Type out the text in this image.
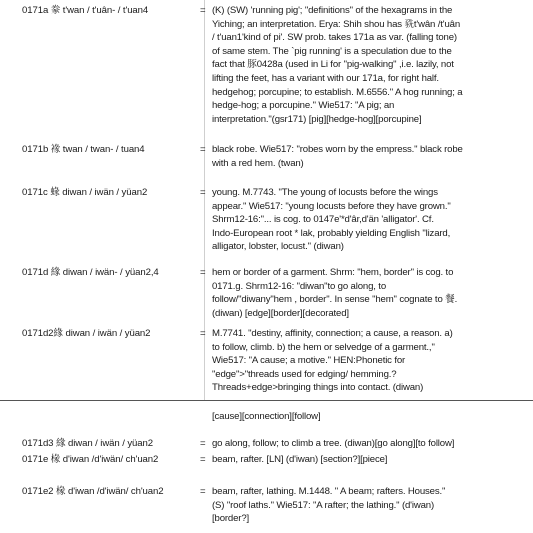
0171a 豢 t'wan / t'uân- / t'uan4	= (K) (SW) 'running pig'; "definitions" of the hexagrams in the
Yiching; an interpretation. Erya: Shih shou has 𧱀t'wân /t'uân
/ t'uan1'kind of pi'. SW prob. takes 171a as var. (falling tone)
of same stem. The `pig running' is a speculation due to the
fact that 豚0428a (used in Li for "pig-walking" ,i.e. lazily, not
lifting the feet, has a variant with our 171a, for right half.
hedgehog; porcupine; to establish. M.6556." A hog running; a
hedge-hog; a porcupine." Wie517: "A pig; an
interpretation."(gsr171) [pig][hedge-hog][porcupine]
0171b 褖 twan / twan- / tuan4	= black robe. Wie517: "robes worn by the empress." black robe
with a red hem. (twan)
0171c 蝝 diwan / iwän / yüan2	= young. M.7743. "The young of locusts before the wings
appear." Wie517: "young locusts before they have grown."
Shrm12-16:"... is cog. to 0147e'*d'âr,d'än 'alligator'. Cf.
Indo-European root * lak, probably yielding English "lizard,
alligator, lobster, locust." (diwan)
0171d 緣 diwan / iwän- / yüan2,4	= hem or border of a garment. Shrm: "hem, border" is cog. to
0171.g. Shrm12-16: "diwan"to go along, to
follow/"diwany"hem , border". In sense "hem" cognate to 餐.
(diwan) [edge][border][decorated]
0171d2緣 diwan / iwän / yüan2	= M.7741. "destiny, affinity, connection; a cause, a reason. a)
to follow, climb. b) the hem or selvedge of a garment.,"
Wie517: "A cause; a motive." HEN:Phonetic for
"edge">"threads used for edging/ hemming.?
Threads+edge>bringing things into contact. (diwan)
[cause][connection][follow]
0171d3 緣 diwan / iwän / yüan2	= go along, follow; to climb a tree. (diwan)[go along][to follow]
0171e 椽 d'iwan /d'iwän/ ch'uan2	= beam, rafter. [LN] (d'iwan) [section?][piece]
0171e2 椽 d'iwan /d'iwän/ ch'uan2	= beam, rafter, lathing. M.1448. " A beam; rafters. Houses."
(S) "roof laths." Wie517: "A rafter; the lathing." (d'iwan)
[border?]
